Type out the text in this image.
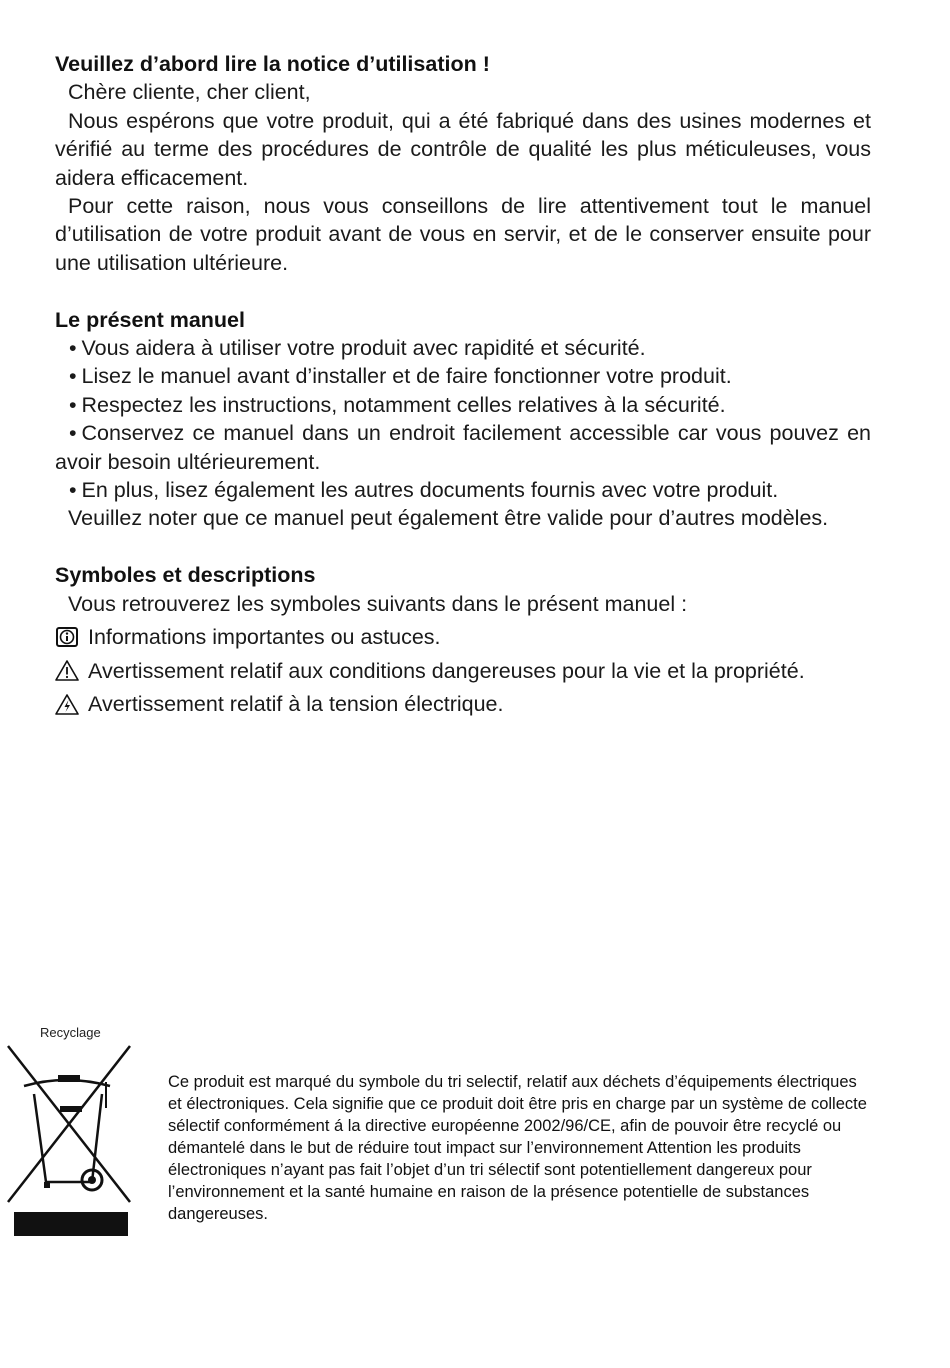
Veuillez d’abord lire la notice d’utilisation !

Chère cliente, cher client,

Nous espérons que votre produit, qui a été fabriqué dans des usines modernes et vérifié au terme des procédures de contrôle de qualité les plus méticuleuses, vous aidera efficacement.

Pour cette raison, nous vous conseillons de lire attentivement tout le manuel d’utilisation de votre produit avant de vous en servir, et de le conserver ensuite pour une utilisation ultérieure.

Le présent manuel

• Vous aidera à utiliser votre produit avec rapidité et sécurité.

• Lisez le manuel avant d’installer et de faire fonctionner votre produit.

• Respectez les instructions, notamment celles relatives à la sécurité.

• Conservez ce manuel dans un endroit facilement accessible car vous pouvez en avoir besoin ultérieurement.

• En plus, lisez également les autres documents fournis avec votre produit.

Veuillez noter que ce manuel peut également être valide pour d’autres modèles.

Symboles et descriptions

Vous retrouverez les symboles suivants dans le présent manuel :

Informations importantes ou astuces.
Avertissement relatif aux conditions dangereuses pour la vie et la propriété.
Avertissement relatif à la tension électrique.
Recyclage
Ce produit est marqué du symbole du tri selectif, relatif aux déchets d’équipements électriques et électroniques. Cela signifie que ce produit doit être pris en charge par un système de collecte sélectif conformément á la directive européenne 2002/96/CE, afin de pouvoir être recyclé ou démantelé dans le but de réduire tout impact sur l’environnement Attention les produits électroniques n’ayant pas fait l’objet d’un tri sélectif sont potentiellement dangereux pour l’environnement et la santé humaine en raison de la présence potentielle de substances dangereuses.
